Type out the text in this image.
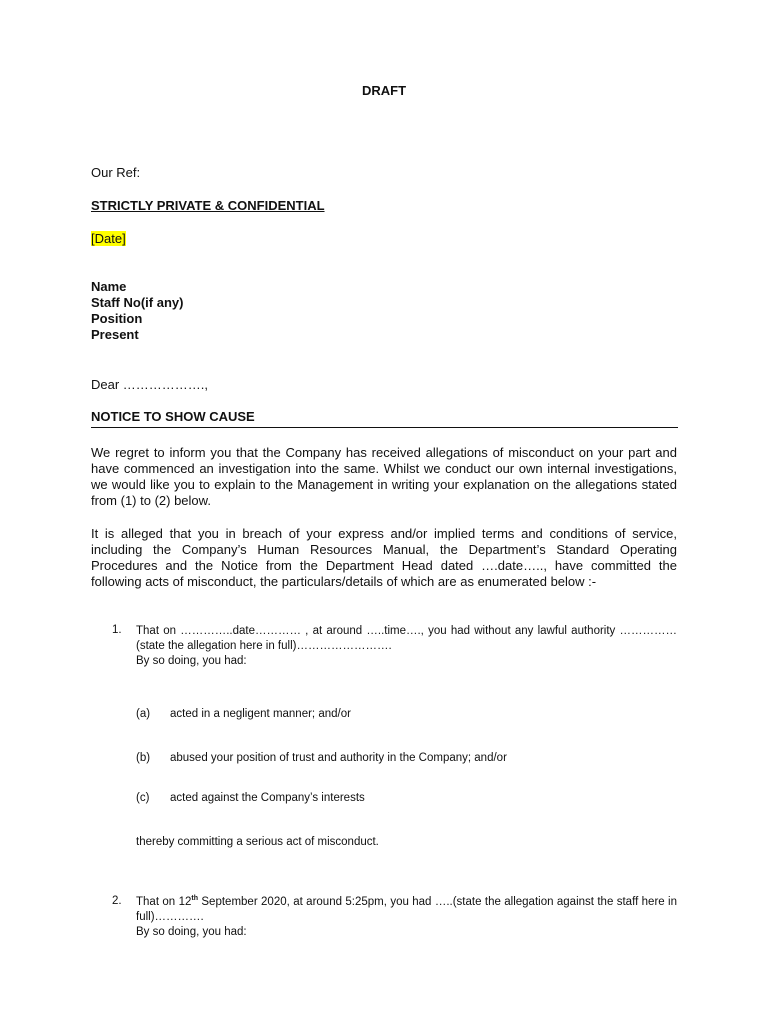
DRAFT
Our Ref:
STRICTLY PRIVATE & CONFIDENTIAL
[Date]
Name
Staff No(if any)
Position
Present
Dear ……………….,
NOTICE TO SHOW CAUSE

We regret to inform you that the Company has received allegations of misconduct on your part and have commenced an investigation into the same. Whilst we conduct our own internal investigations, we would like you to explain to the Management in writing your explanation on the allegations stated from (1) to (2) below.

It is alleged that you in breach of your express and/or implied terms and conditions of service, including the Company’s Human Resources Manual, the Department’s Standard Operating Procedures and the Notice from the Department Head dated ….date….., have committed the following acts of misconduct, the particulars/details of which are as enumerated below :-

1. That on …………..date………… , at around …..time…., you had without any lawful authority ……………(state the allegation here in full)…………………….

By so doing, you had:
(a) acted in a negligent manner; and/or
(b) abused your position of trust and authority in the Company; and/or
(c) acted against the Company’s interests
thereby committing a serious act of misconduct.
2. That on 12th September 2020, at around 5:25pm, you had …..(state the allegation against the staff here in full)………….

By so doing, you had:
